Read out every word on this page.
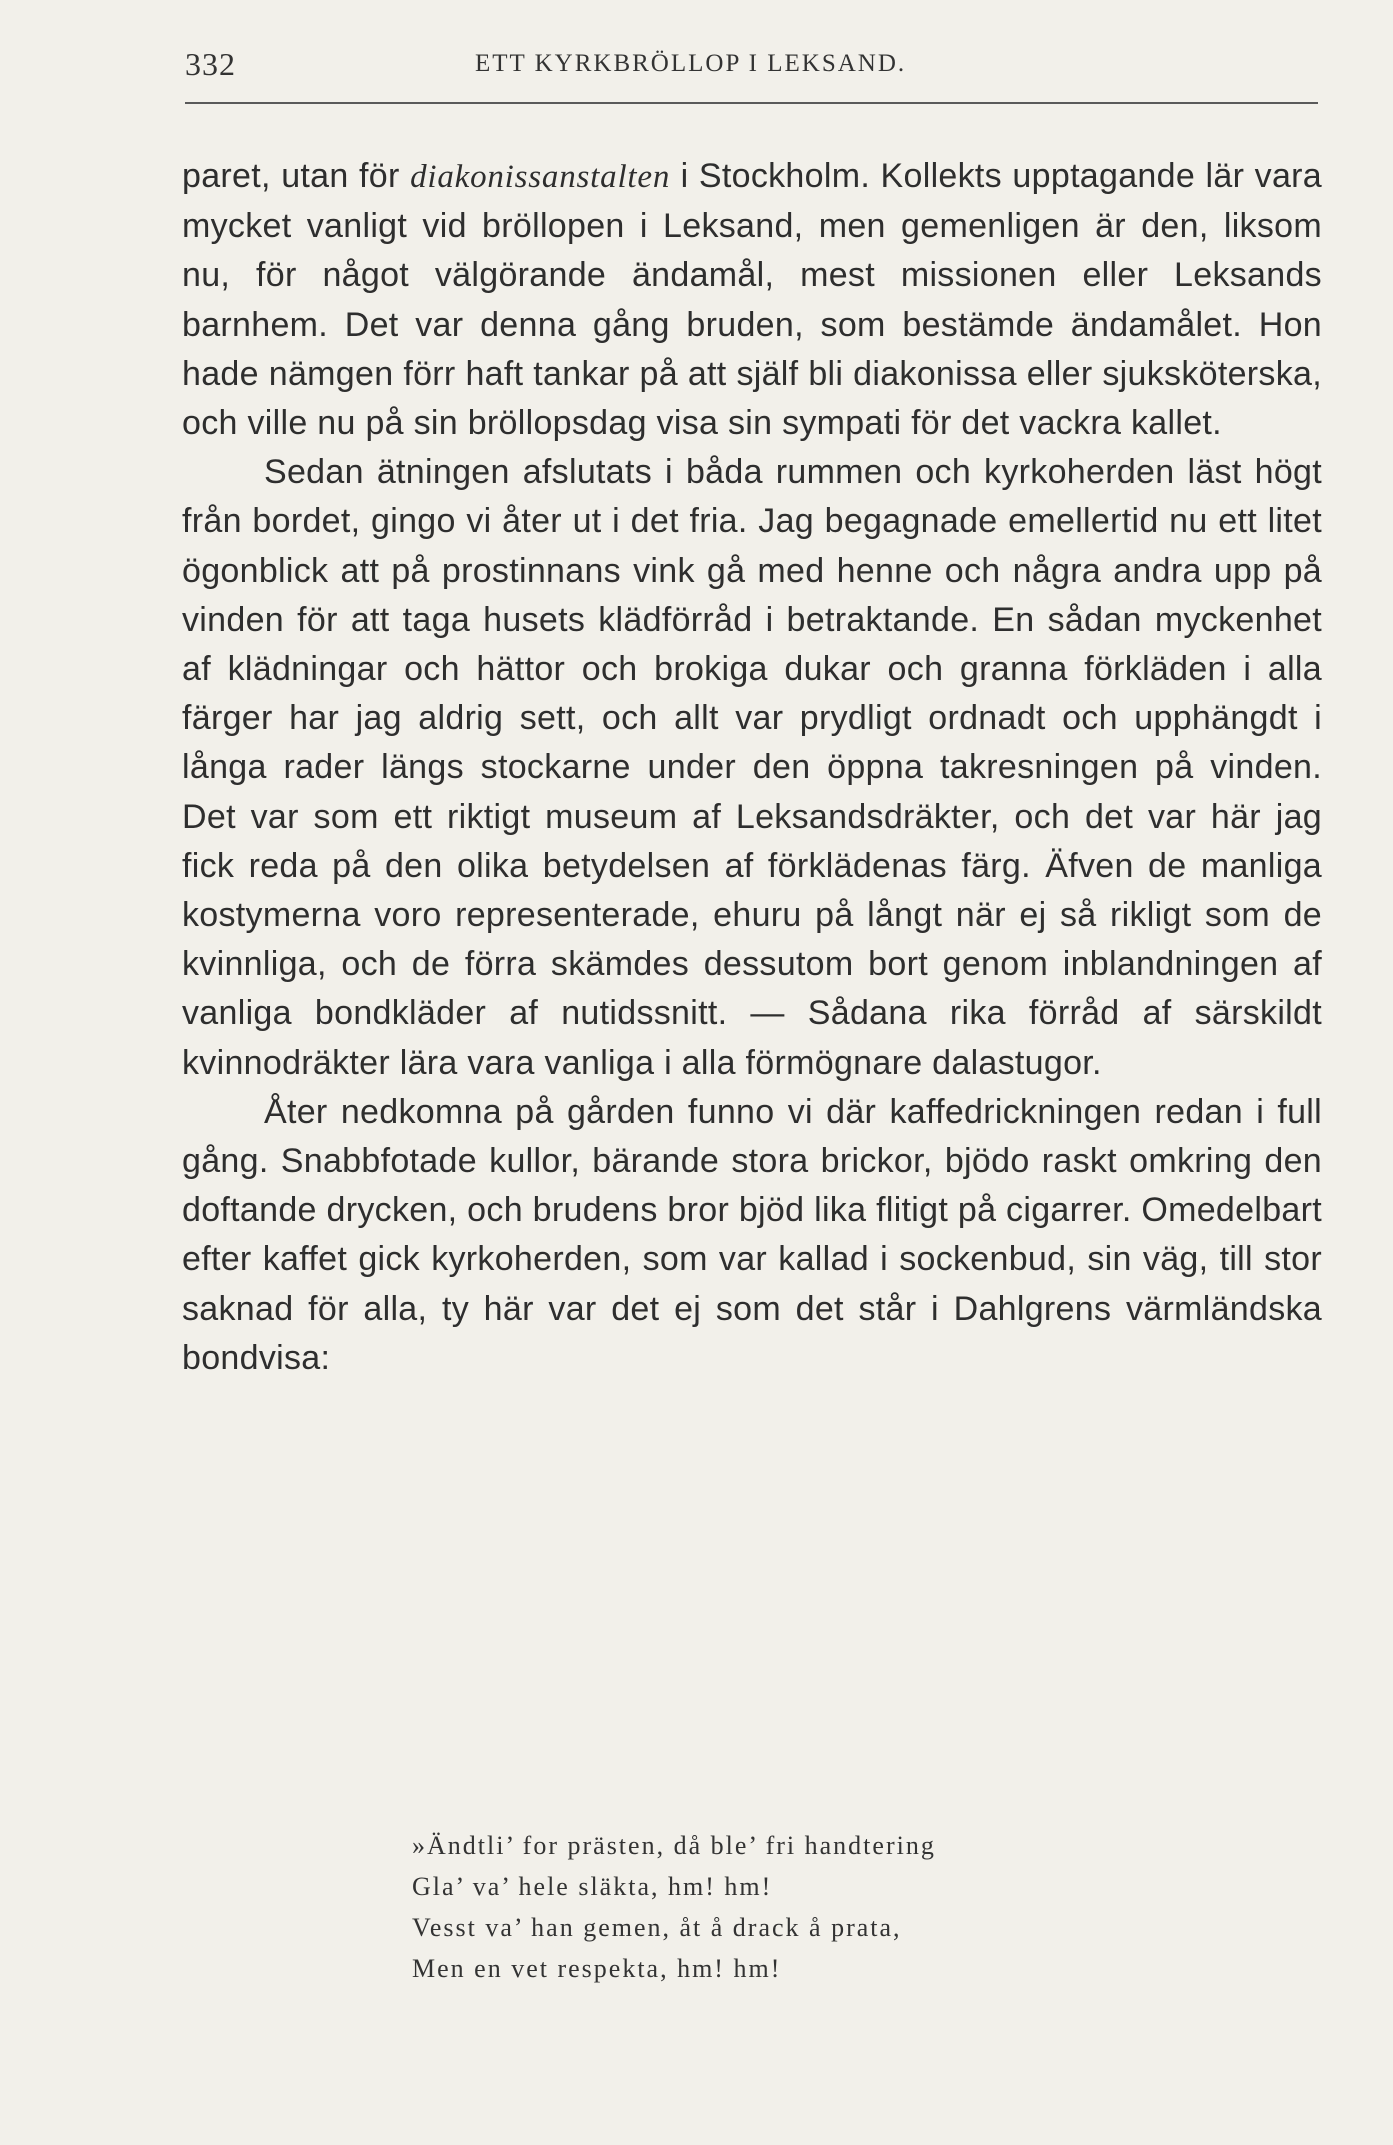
332	ETT KYRKBRÖLLOP I LEKSAND.

paret, utan för diakonissanstalten i Stockholm. Kollekts upptagande lär vara mycket vanligt vid bröllopen i Leksand, men gemenligen är den, liksom nu, för något välgörande ändamål, mest missionen eller Leksands barnhem. Det var denna gång bruden, som bestämde ändamålet. Hon hade nämgen förr haft tankar på att själf bli diakonissa eller sjuksköterska, och ville nu på sin bröllopsdag visa sin sympati för det vackra kallet.

Sedan ätningen afslutats i båda rummen och kyrkoherden läst högt från bordet, gingo vi åter ut i det fria. Jag begagnade emellertid nu ett litet ögonblick att på prostinnans vink gå med henne och några andra upp på vinden för att taga husets klädförråd i betraktande. En sådan myckenhet af klädningar och hättor och brokiga dukar och granna förkläden i alla färger har jag aldrig sett, och allt var prydligt ordnadt och upphängdt i långa rader längs stockarne under den öppna takresningen på vinden. Det var som ett riktigt museum af Leksandsdräkter, och det var här jag fick reda på den olika betydelsen af förklädenas färg. Äfven de manliga kostymerna voro representerade, ehuru på långt när ej så rikligt som de kvinnliga, och de förra skämdes dessutom bort genom inblandningen af vanliga bondkläder af nutidssnitt. — Sådana rika förråd af särskildt kvinnodräkter lära vara vanliga i alla förmögnare dalastugor.

Åter nedkomna på gården funno vi där kaffedrickningen redan i full gång. Snabbfotade kullor, bärande stora brickor, bjödo raskt omkring den doftande drycken, och brudens bror bjöd lika flitigt på cigarrer. Omedelbart efter kaffet gick kyrkoherden, som var kallad i sockenbud, sin väg, till stor saknad för alla, ty här var det ej som det står i Dahlgrens värmländska bondvisa:

»Ändtli’ for prästen, då ble’ fri handtering
Gla’ va’ hele släkta, hm! hm!
Vesst va’ han gemen, åt å drack å prata,
Men en vet respekta, hm! hm!
